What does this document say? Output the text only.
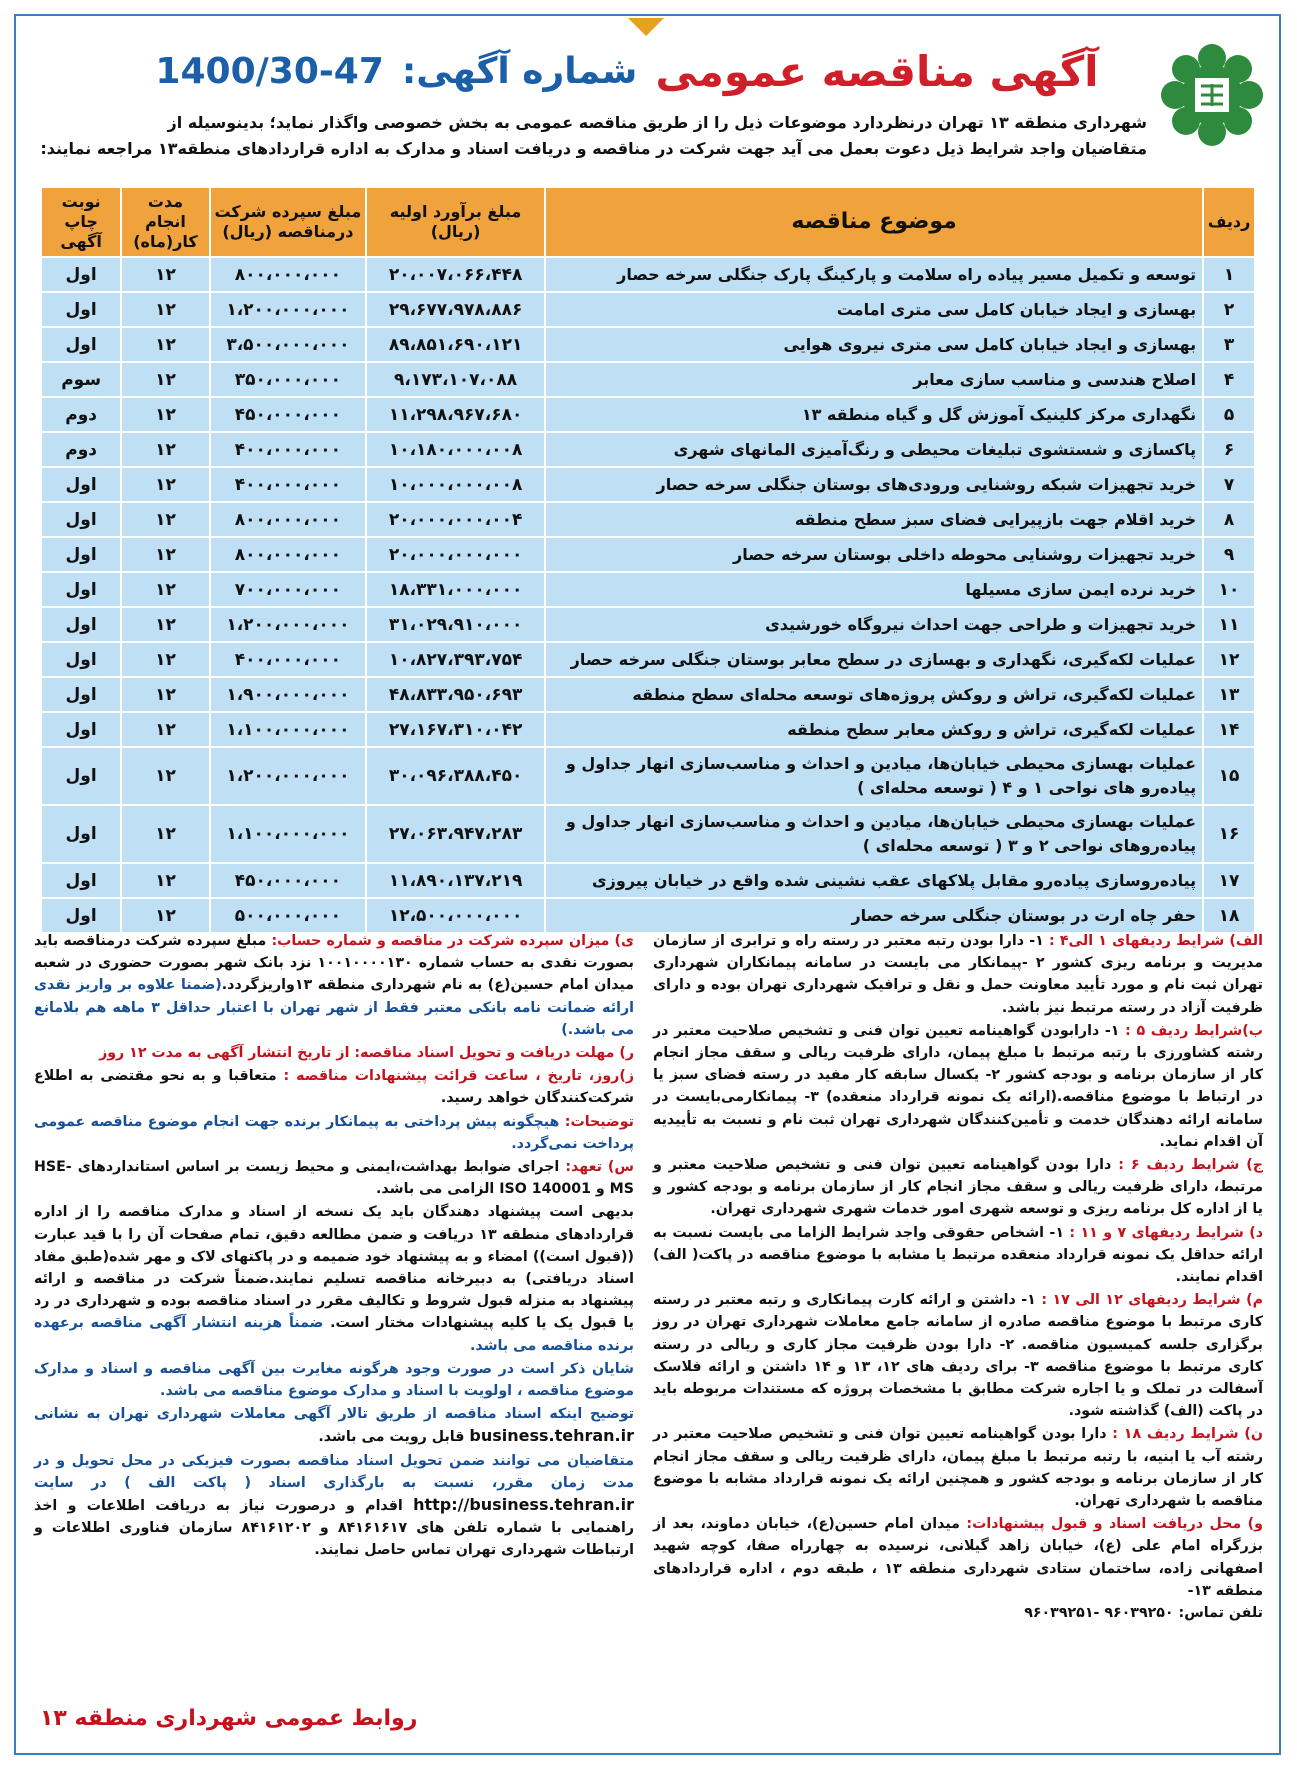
آگهی مناقصه عمومی
شماره آگهی:
1400/30-47
شهرداری منطقه ۱۳ تهران درنظردارد موضوعات ذیل را از طریق مناقصه عمومی به بخش خصوصی واگذار نماید؛ بدینوسیله از
متقاضیان واجد شرایط ذیل دعوت بعمل می آید جهت شرکت در مناقصه و دریافت اسناد و مدارک به اداره قراردادهای منطقه۱۳ مراجعه نمایند:
ردیف	موضوع مناقصه	مبلغ برآورد اولیه (ریال)	مبلغ سپرده شرکت درمناقصه (ریال)	مدت انجام کار(ماه)	نوبت چاپ آگهی
۱	توسعه و تکمیل مسیر پیاده راه سلامت و پارکینگ پارک جنگلی سرخه حصار	۲۰،۰۰۷،۰۶۶،۴۴۸	۸۰۰،۰۰۰،۰۰۰	۱۲	اول
۲	بهسازی و ایجاد خیابان کامل سی متری امامت	۲۹،۶۷۷،۹۷۸،۸۸۶	۱،۲۰۰،۰۰۰،۰۰۰	۱۲	اول
۳	بهسازی و ایجاد خیابان کامل سی متری نیروی هوایی	۸۹،۸۵۱،۶۹۰،۱۲۱	۳،۵۰۰،۰۰۰،۰۰۰	۱۲	اول
۴	اصلاح هندسی و مناسب سازی معابر	۹،۱۷۳،۱۰۷،۰۸۸	۳۵۰،۰۰۰،۰۰۰	۱۲	سوم
۵	نگهداری مرکز کلینیک آموزش گل و گیاه منطقه ۱۳	۱۱،۲۹۸،۹۶۷،۶۸۰	۴۵۰،۰۰۰،۰۰۰	۱۲	دوم
۶	پاکسازی و شستشوی تبلیغات محیطی و رنگ‌آمیزی المانهای شهری	۱۰،۱۸۰،۰۰۰،۰۰۸	۴۰۰،۰۰۰،۰۰۰	۱۲	دوم
۷	خرید تجهیزات شبکه روشنایی ورودی‌های بوستان جنگلی سرخه حصار	۱۰،۰۰۰،۰۰۰،۰۰۸	۴۰۰،۰۰۰،۰۰۰	۱۲	اول
۸	خرید اقلام جهت بازپیرایی فضای سبز سطح منطقه	۲۰،۰۰۰،۰۰۰،۰۰۴	۸۰۰،۰۰۰،۰۰۰	۱۲	اول
۹	خرید تجهیزات روشنایی محوطه داخلی بوستان سرخه حصار	۲۰،۰۰۰،۰۰۰،۰۰۰	۸۰۰،۰۰۰،۰۰۰	۱۲	اول
۱۰	خرید نرده ایمن سازی مسیلها	۱۸،۳۳۱،۰۰۰،۰۰۰	۷۰۰،۰۰۰،۰۰۰	۱۲	اول
۱۱	خرید تجهیزات و طراحی جهت احداث نیروگاه خورشیدی	۳۱،۰۲۹،۹۱۰،۰۰۰	۱،۲۰۰،۰۰۰،۰۰۰	۱۲	اول
۱۲	عملیات لکه‌گیری، نگهداری و بهسازی در سطح معابر بوستان جنگلی سرخه حصار	۱۰،۸۲۷،۳۹۳،۷۵۴	۴۰۰،۰۰۰،۰۰۰	۱۲	اول
۱۳	عملیات لکه‌گیری، تراش و روکش پروژه‌های توسعه محله‌ای سطح منطقه	۴۸،۸۳۳،۹۵۰،۶۹۳	۱،۹۰۰،۰۰۰،۰۰۰	۱۲	اول
۱۴	عملیات لکه‌گیری، تراش و روکش معابر سطح منطقه	۲۷،۱۶۷،۳۱۰،۰۴۲	۱،۱۰۰،۰۰۰،۰۰۰	۱۲	اول
۱۵	عملیات بهسازی محیطی خیابان‌ها، میادین و احداث و مناسب‌سازی انهار جداول و پیاده‌رو های نواحی ۱ و ۴ ( توسعه محله‌ای )	۳۰،۰۹۶،۳۸۸،۴۵۰	۱،۲۰۰،۰۰۰،۰۰۰	۱۲	اول
۱۶	عملیات بهسازی محیطی خیابان‌ها، میادین و احداث و مناسب‌سازی انهار جداول و پیاده‌روهای نواحی ۲ و ۳ ( توسعه محله‌ای )	۲۷،۰۶۳،۹۴۷،۲۸۳	۱،۱۰۰،۰۰۰،۰۰۰	۱۲	اول
۱۷	پیاده‌روسازی پیاده‌رو مقابل پلاکهای عقب نشینی شده واقع در خیابان پیروزی	۱۱،۸۹۰،۱۳۷،۲۱۹	۴۵۰،۰۰۰،۰۰۰	۱۲	اول
۱۸	حفر چاه ارت در بوستان جنگلی سرخه حصار	۱۲،۵۰۰،۰۰۰،۰۰۰	۵۰۰،۰۰۰،۰۰۰	۱۲	اول

الف) شرایط ردیفهای ۱ الی۴ : ۱- دارا بودن رتبه معتبر در رسته راه و ترابری از سازمان مدیریت و برنامه ریزی کشور ۲ -پیمانکار می بایست در سامانه پیمانکاران شهرداری تهران ثبت نام و مورد تأیید معاونت حمل و نقل و ترافیک شهرداری تهران بوده و دارای ظرفیت آزاد در رسته مرتبط نیز باشد.

ب)شرایط ردیف ۵ : ۱- دارابودن گواهینامه تعیین توان فنی و تشخیص صلاحیت معتبر در رشته کشاورزی با رتبه مرتبط با مبلغ پیمان، دارای ظرفیت ریالی و سقف مجاز انجام کار از سازمان برنامه و بودجه کشور ۲- یکسال سابقه کار مفید در رسته فضای سبز یا در ارتباط با موضوع مناقصه.(ارائه یک نمونه قرارداد منعقده) ۳- پیمانکارمی‌بایست در سامانه ارائه دهندگان خدمت و تأمین‌کنندگان شهرداری تهران ثبت نام و نسبت به تأییدیه آن اقدام نماید.

ج) شرایط ردیف ۶ : دارا بودن گواهینامه تعیین توان فنی و تشخیص صلاحیت معتبر و مرتبط، دارای ظرفیت ریالی و سقف مجاز انجام کار از سازمان برنامه و بودجه کشور و یا از اداره کل برنامه ریزی و توسعه شهری امور خدمات شهری شهرداری تهران.

د) شرایط ردیفهای ۷ و ۱۱ : ۱- اشخاص حقوقی واجد شرایط الزاما می بایست نسبت به ارائه حداقل یک نمونه قرارداد منعقده مرتبط یا مشابه با موضوع مناقصه در پاکت( الف) اقدام نمایند.

م) شرایط ردیفهای ۱۲ الی ۱۷ : ۱- داشتن و ارائه کارت پیمانکاری و رتبه معتبر در رسته کاری مرتبط با موضوع مناقصه صادره از سامانه جامع معاملات شهرداری تهران در روز برگزاری جلسه کمیسیون مناقصه. ۲- دارا بودن ظرفیت مجاز کاری و ریالی در رسته کاری مرتبط با موضوع مناقصه ۳- برای ردیف های ۱۲، ۱۳ و ۱۴ داشتن و ارائه فلاسک آسفالت در تملک و یا اجاره شرکت مطابق با مشخصات پروژه که مستندات مربوطه باید در پاکت (الف) گذاشته شود.

ن) شرایط ردیف ۱۸ : دارا بودن گواهینامه تعیین توان فنی و تشخیص صلاحیت معتبر در رشته آب یا ابنیه، با رتبه مرتبط با مبلغ پیمان، دارای ظرفیت ریالی و سقف مجاز انجام کار از سازمان برنامه و بودجه کشور و همچنین ارائه یک نمونه قرارداد مشابه با موضوع مناقصه با شهرداری تهران.

و) محل دریافت اسناد و قبول پیشنهادات: میدان امام حسین(ع)، خیابان دماوند، بعد از بزرگراه امام علی (ع)، خیابان زاهد گیلانی، نرسیده به چهارراه صفا، کوچه شهید اصفهانی زاده، ساختمان ستادی شهرداری منطقه ۱۳ ، طبقه دوم ، اداره قراردادهای منطقه ۱۳-
تلفن تماس: ۹۶۰۳۹۲۵۰ -۹۶۰۳۹۲۵۱

ی) میزان سپرده شرکت در مناقصه و شماره حساب: مبلغ سپرده شرکت درمناقصه باید بصورت نقدی به حساب شماره ۱۰۰۱۰۰۰۰۱۳۰ نزد بانک شهر بصورت حضوری در شعبه میدان امام حسین(ع) به نام شهرداری منطقه ۱۳واریزگردد.(ضمنا علاوه بر واریز نقدی ارائه ضمانت نامه بانکی معتبر فقط از شهر تهران با اعتبار حداقل ۳ ماهه هم بلامانع می باشد.)

ر) مهلت دریافت و تحویل اسناد مناقصه: از تاریخ انتشار آگهی به مدت ۱۲ روز

ز)روز، تاریخ ، ساعت قرائت پیشنهادات مناقصه : متعاقبا و به نحو مقتضی به اطلاع شرکت‌کنندگان خواهد رسید.

توضیحات: هیچگونه پیش پرداختی به پیمانکار برنده جهت انجام موضوع مناقصه عمومی پرداخت نمی‌گردد.

س) تعهد: اجرای ضوابط بهداشت،ایمنی و محیط زیست بر اساس استانداردهای HSE-MS و ISO 140001 الزامی می باشد.

بدیهی است پیشنهاد دهندگان باید یک نسخه از اسناد و مدارک مناقصه را از اداره قراردادهای منطقه ۱۳ دریافت و ضمن مطالعه دقیق، تمام صفحات آن را با قید عبارت ((قبول است)) امضاء و به پیشنهاد خود ضمیمه و در پاکتهای لاک و مهر شده(طبق مفاد اسناد دریافتی) به دبیرخانه مناقصه تسلیم نمایند.ضمناً شرکت در مناقصه و ارائه پیشنهاد به منزله قبول شروط و تکالیف مقرر در اسناد مناقصه بوده و شهرداری در رد یا قبول یک یا کلیه پیشنهادات مختار است. ضمناً هزینه انتشار آگهی مناقصه برعهده برنده مناقصه می باشد.

شایان ذکر است در صورت وجود هرگونه مغایرت بین آگهی مناقصه و اسناد و مدارک موضوع مناقصه ، اولویت با اسناد و مدارک موضوع مناقصه می باشد.

توضیح اینکه اسناد مناقصه از طریق تالار آگهی معاملات شهرداری تهران به نشانی business.tehran.ir قابل رویت می باشد.

متقاضیان می توانند ضمن تحویل اسناد مناقصه بصورت فیزیکی در محل تحویل و در مدت زمان مقرر، نسبت به بارگذاری اسناد ( پاکت الف ) در سایت http://business.tehran.ir اقدام و درصورت نیاز به دریافت اطلاعات و اخذ راهنمایی با شماره تلفن های ۸۴۱۶۱۶۱۷ و ۸۴۱۶۱۲۰۲ سازمان فناوری اطلاعات و ارتباطات شهرداری تهران تماس حاصل نمایند.

روابط عمومی شهرداری منطقه ۱۳
